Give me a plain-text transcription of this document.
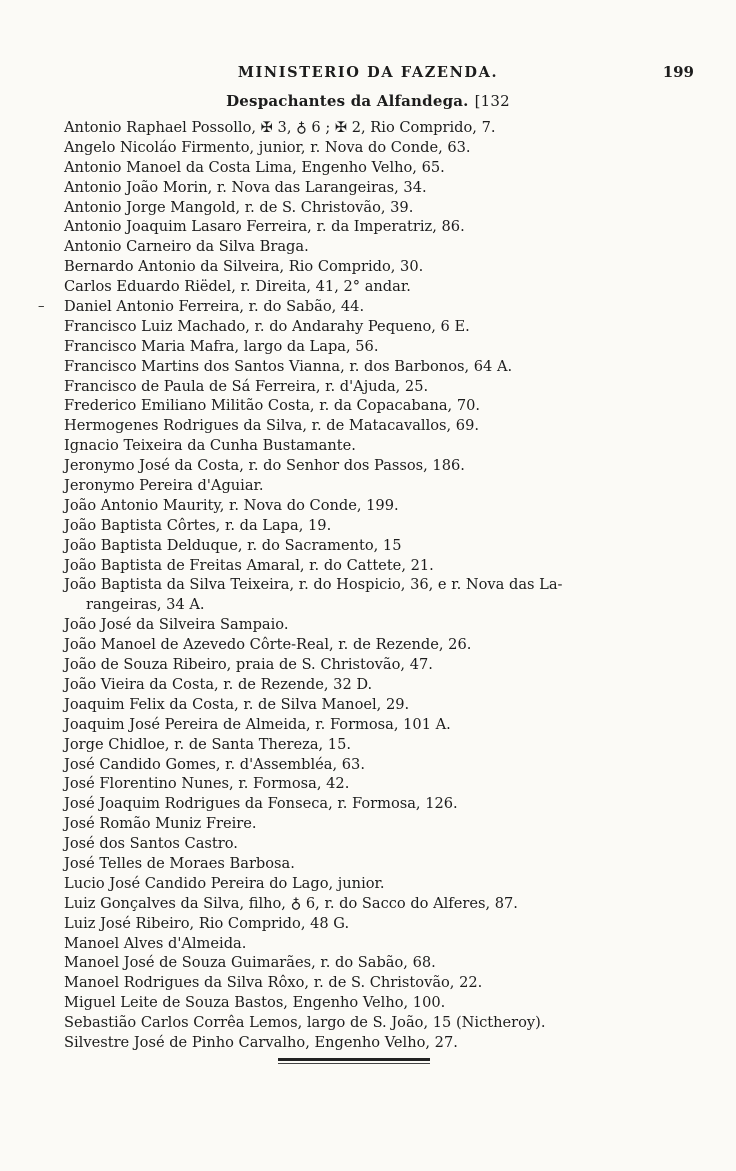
MINISTERIO DA FAZENDA.	199
Despachantes da Alfandega. [132
Antonio Raphael Possollo, ✠ 3, ♁ 6 ; ✠ 2, Rio Comprido, 7.
Angelo Nicoláo Firmento, junior, r. Nova do Conde, 63.
Antonio Manoel da Costa Lima, Engenho Velho, 65.
Antonio João Morin, r. Nova das Larangeiras, 34.
Antonio Jorge Mangold, r. de S. Christovão, 39.
Antonio Joaquim Lasaro Ferreira, r. da Imperatriz, 86.
Antonio Carneiro da Silva Braga.
Bernardo Antonio da Silveira, Rio Comprido, 30.
Carlos Eduardo Riëdel, r. Direita, 41, 2° andar.
– Daniel Antonio Ferreira, r. do Sabão, 44.
Francisco Luiz Machado, r. do Andarahy Pequeno, 6 E.
Francisco Maria Mafra, largo da Lapa, 56.
Francisco Martins dos Santos Vianna, r. dos Barbonos, 64 A.
Francisco de Paula de Sá Ferreira, r. d'Ajuda, 25.
Frederico Emiliano Militão Costa, r. da Copacabana, 70.
Hermogenes Rodrigues da Silva, r. de Matacavallos, 69.
Ignacio Teixeira da Cunha Bustamante.
Jeronymo José da Costa, r. do Senhor dos Passos, 186.
Jeronymo Pereira d'Aguiar.
João Antonio Maurity, r. Nova do Conde, 199.
João Baptista Côrtes, r. da Lapa, 19.
João Baptista Delduque, r. do Sacramento, 15
João Baptista de Freitas Amaral, r. do Cattete, 21.
João Baptista da Silva Teixeira, r. do Hospicio, 36, e r. Nova das La-
rangeiras, 34 A.
João José da Silveira Sampaio.
João Manoel de Azevedo Côrte-Real, r. de Rezende, 26.
João de Souza Ribeiro, praia de S. Christovão, 47.
João Vieira da Costa, r. de Rezende, 32 D.
Joaquim Felix da Costa, r. de Silva Manoel, 29.
Joaquim José Pereira de Almeida, r. Formosa, 101 A.
Jorge Chidloe, r. de Santa Thereza, 15.
José Candido Gomes, r. d'Assembléa, 63.
José Florentino Nunes, r. Formosa, 42.
José Joaquim Rodrigues da Fonseca, r. Formosa, 126.
José Romão Muniz Freire.
José dos Santos Castro.
José Telles de Moraes Barbosa.
Lucio José Candido Pereira do Lago, junior.
Luiz Gonçalves da Silva, filho, ♁ 6, r. do Sacco do Alferes, 87.
Luiz José Ribeiro, Rio Comprido, 48 G.
Manoel Alves d'Almeida.
Manoel José de Souza Guimarães, r. do Sabão, 68.
Manoel Rodrigues da Silva Rôxo, r. de S. Christovão, 22.
Miguel Leite de Souza Bastos, Engenho Velho, 100.
Sebastião Carlos Corrêa Lemos, largo de S. João, 15 (Nictheroy).
Silvestre José de Pinho Carvalho, Engenho Velho, 27.
